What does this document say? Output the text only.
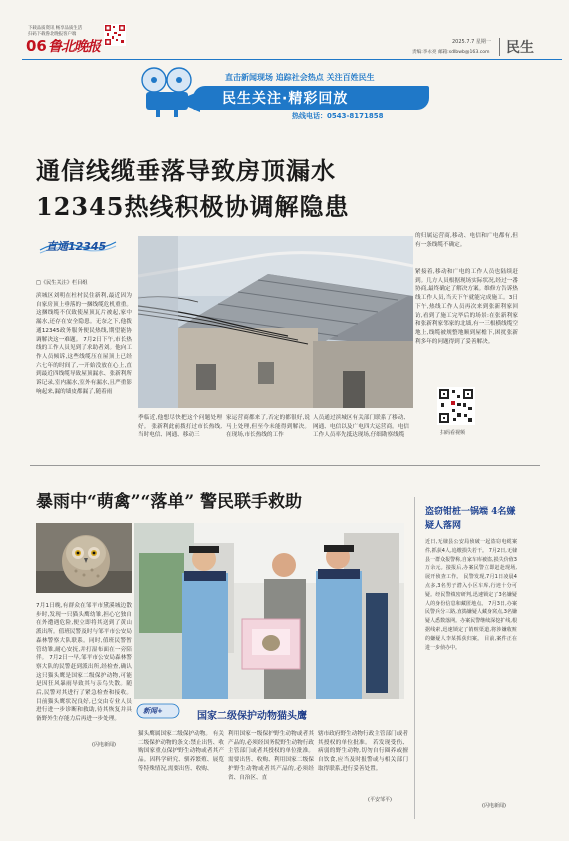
下载品质资讯 畅享品质生活
扫码下载鲁北晚报客户端
06 鲁北晚报	2025.7.7 星期一
责编:李永亮 邮箱:sdlbwb@163.com 民生
直击新闻现场 追踪社会热点 关注百姓民生
民生关注·精彩回放
热线电话：0543-8171858
通信线缆垂落导致房顶漏水
12345热线积极协调解隐患
直通12345
□《民生关注》栏目组
滨城区刘明在杜村民住新利,最近因为自家房顶上垂落的一捆线缆危机重重。这捆线缆不仅致使屋顶瓦片被起,家中漏水,还存在安全隐患。无奈之下,他拨通12345政务服务便民热线,期望能协调解决这一难题。 7月2日下午,市长热线的工作人员见到了求助者刘。他向工作人员倾诉,这些线缆压在屋顶上已经六七年的时间了,一开始没放在心上,直到最近四线缆导致屋顶漏水、张新利所诉记录,室内漏水,室外有漏水,且严重影响起来,漏的墙皮都漏了,随着雨
季临近,他想尽快把这个问题处理好。 张新利此前拨打过市长热线,当时电信、网通、移动三
家运营商都来了,否定的都很好,说马上处理,但至今未能得到解决。 在现场,市长热线的工作
人员通过滨城区有关部门联系了移动、网通、电信以及广电四大运营商。电信工作人员率先抵达现场,仔细勘察线缆
的归属运营商,移动、电信和广电都有,但有一条线缆不确定。
紧接着,移动和广电的工作人员也陆续赶到。几方人员根据现场实际状况,经过一番协商,最终确定了解决方案。维修方告诉热线工作人员,当天下午就能完成施工。3日下午,热线工作人员再次来到张新利家回访,看到了施工完毕后的场景:在张新利家和张新利家邻家的北墙,有一三根横线缆空地上,线缆被规整地顺到屋檐下,困扰张新利多年的问题得到了妥善解决。
扫码看视频
暴雨中“萌禽”“落单” 警民联手救助
7月1日晚,有群众在邹平市黛溪城边散步时,发现一只猫头鹰幼雏,担心它独自在外遭遇危险,便立即将其送到了黄山派出所。值班民警及时与邹平市公安局森林警察大队联系。同时,值班民警暂管幼雏,耐心安抚,并打湿布面在一旁陪伴。 7月2日一早,邹平市公安局森林警察大队的民警赶到派出所,经检查,确认这只猫头鹰是国家二级保护动物,可能是因狂风暴雨导致其与亲鸟失散。随后,民警对其进行了紧急检查和接收。 目前猫头鹰状况良好,已交由专业人员进行进一步诊断和救助,待其恢复并具备野外生存能力后再进一步处理。
(闪电新闻)
新闻+	国家二级保护动物猫头鹰
猫头鹰属国家二级保护动物。 有关二级保护动物的条文:禁止出售、收购国家重点保护野生动物或者其产品。因科学研究、驯养繁殖、展览等特殊情况,需要出售、收购、
利用国家一级保护野生动物或者其产品的,必须经国务院野生动物行政主管部门或者其授权的单位批准。 需要出售、收购、利用国家二级保护野生动物或者其产品的,必须经省、自治区、直
辖市政府野生动物行政主管部门或者其授权的单位批准。 若发现受伤、病弱的野生动物,切勿自行圈养或擅自饮食,应当及时报警或与相关部门取得联系,进行妥善处置。
(平安邹平)
盗窃钳桩一锅端 4名嫌疑人落网
近日,无棣县公安局侦破一起盗窃电缆案件,抓获4人,追缴损失若干。 7月2日,无棣县一群众报警称,自家车库被盗,损失价值3万余元。接报后,办案民警立即赶赴现场,展开侦查工作。 民警发现,7月1日凌晨4点多,3名男子潜入小区车库,行迹十分可疑。经民警缜密研判,迅速锁定了3名嫌疑人的身份信息和藏匿地点。 7月3日,办案民警兵分三路,直捣嫌疑人藏身窝点,3名嫌疑人悉数落网。办案民警继续深挖扩线,根据线索,迅速锁定了销赃渠道,将涉嫌收赃的嫌疑人李某抓获归案。 目前,案件正在进一步侦办中。
(闪电新闻)
